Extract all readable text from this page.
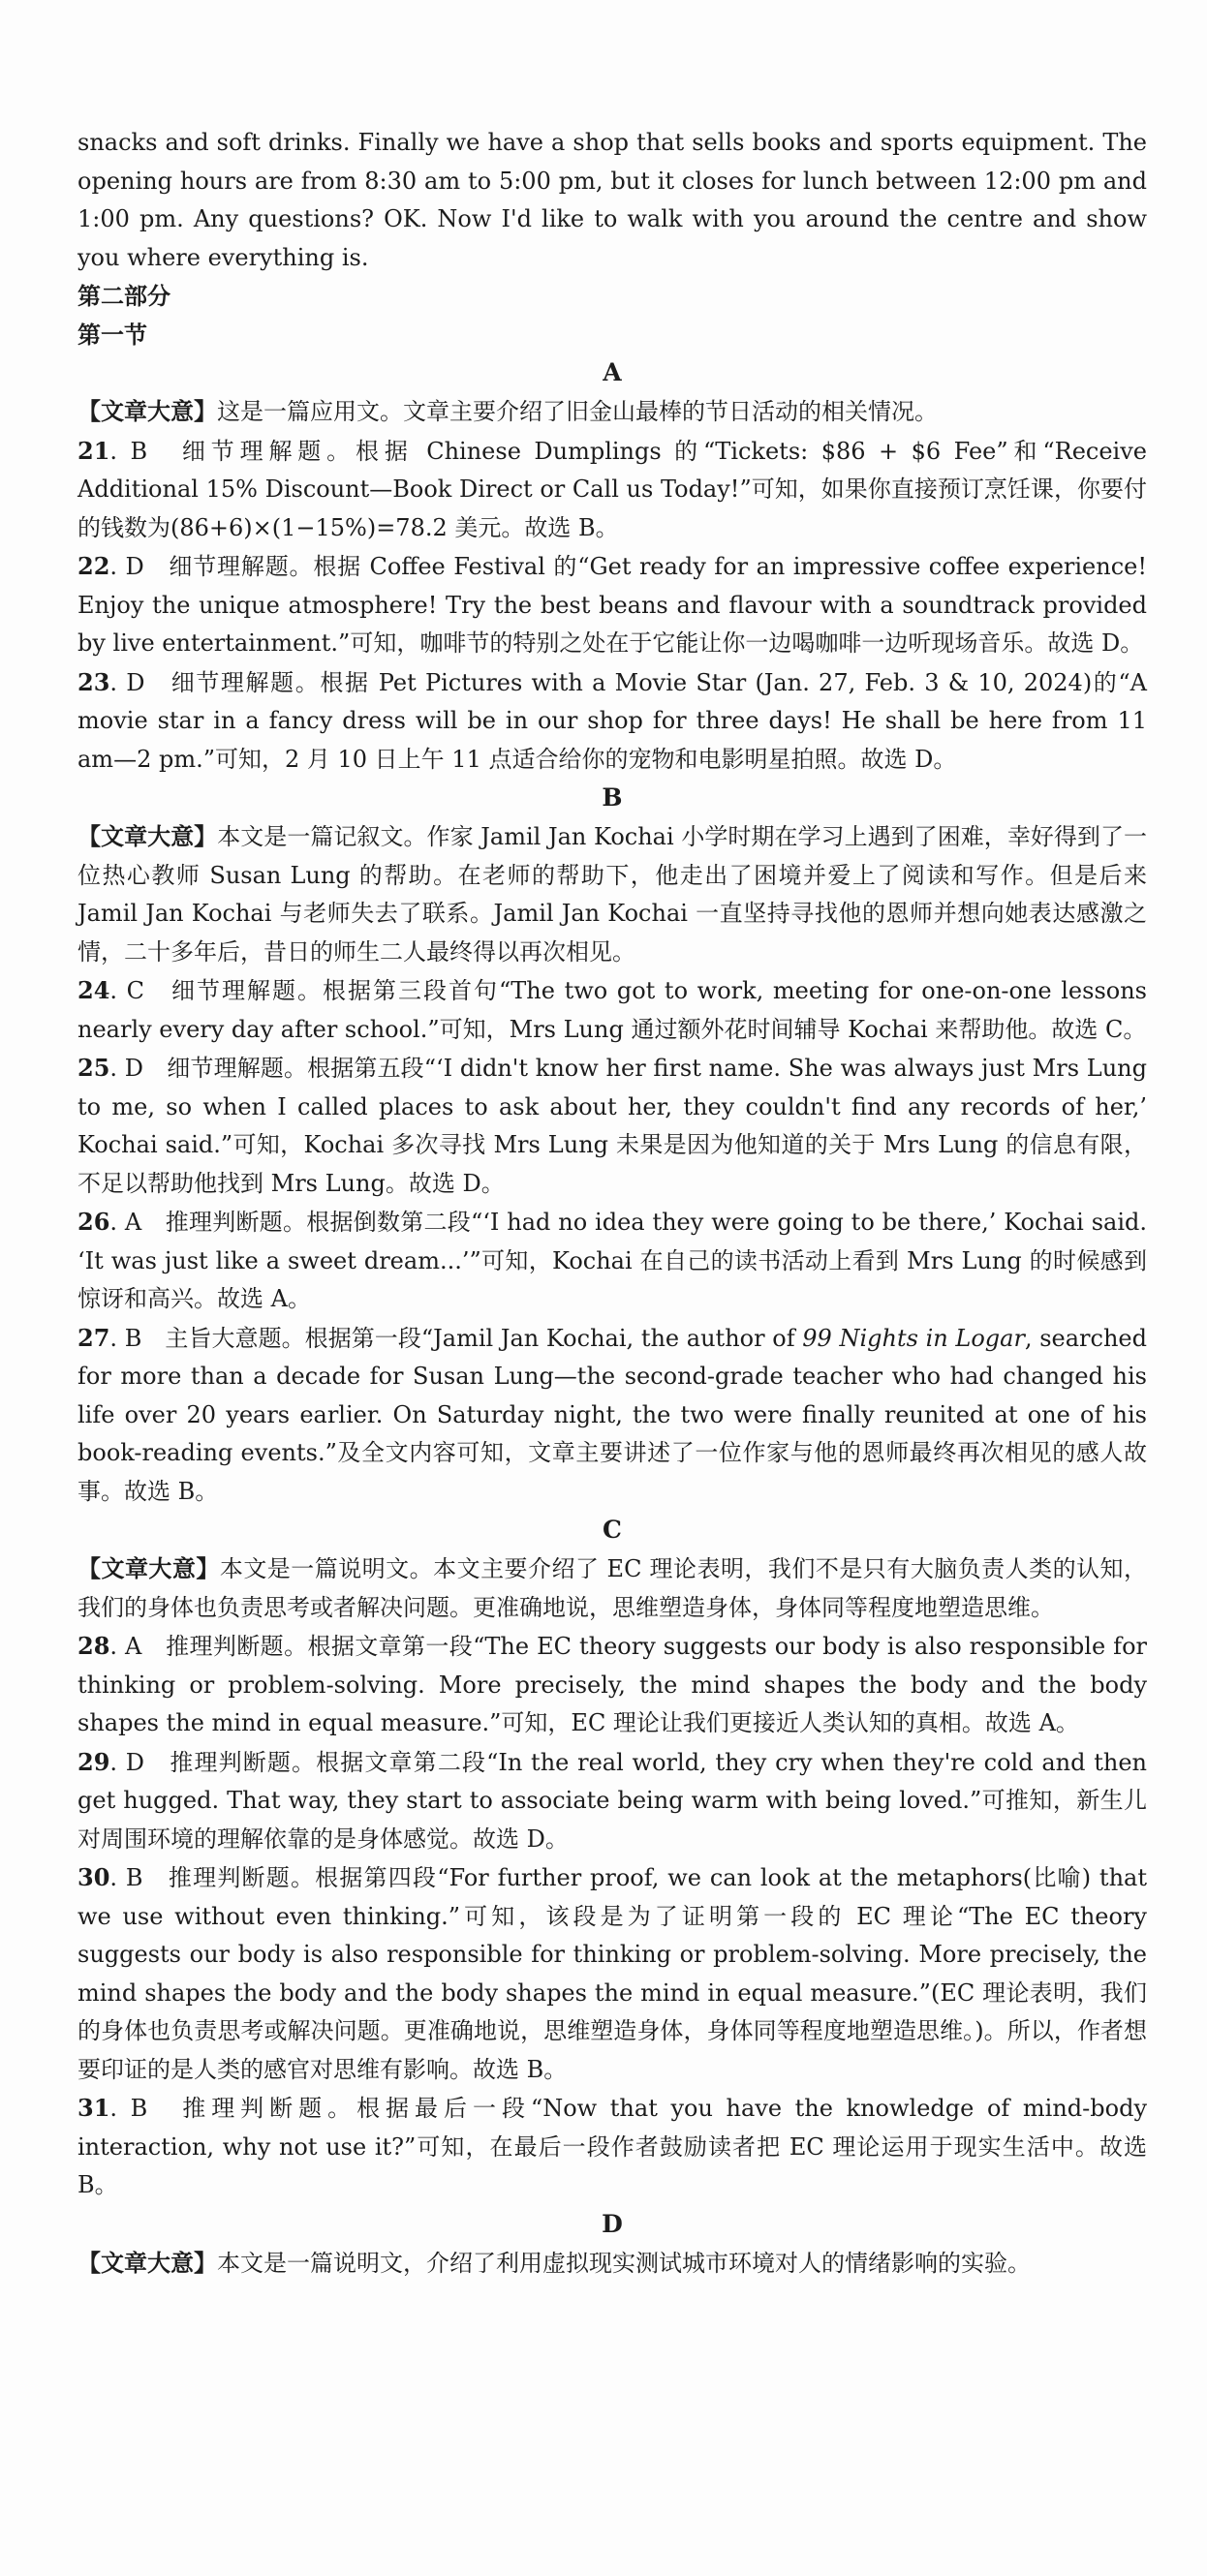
snacks and soft drinks. Finally we have a shop that sells books and sports equipment. The opening hours are from 8:30 am to 5:00 pm, but it closes for lunch between 12:00 pm and 1:00 pm. Any questions? OK. Now I'd like to walk with you around the centre and show you where everything is.

第二部分

第一节

A

【文章大意】这是一篇应用文。文章主要介绍了旧金山最棒的节日活动的相关情况。

21. B　细节理解题。根据 Chinese Dumplings 的“Tickets: $86 + $6 Fee”和“Receive Additional 15% Discount—Book Direct or Call us Today!”可知，如果你直接预订烹饪课，你要付的钱数为(86+6)×(1−15%)=78.2 美元。故选 B。

22. D　细节理解题。根据 Coffee Festival 的“Get ready for an impressive coffee experience! Enjoy the unique atmosphere! Try the best beans and flavour with a soundtrack provided by live entertainment.”可知，咖啡节的特别之处在于它能让你一边喝咖啡一边听现场音乐。故选 D。

23. D　细节理解题。根据 Pet Pictures with a Movie Star (Jan. 27, Feb. 3 & 10, 2024)的“A movie star in a fancy dress will be in our shop for three days! He shall be here from 11 am—2 pm.”可知，2 月 10 日上午 11 点适合给你的宠物和电影明星拍照。故选 D。

B

【文章大意】本文是一篇记叙文。作家 Jamil Jan Kochai 小学时期在学习上遇到了困难，幸好得到了一位热心教师 Susan Lung 的帮助。在老师的帮助下，他走出了困境并爱上了阅读和写作。但是后来 Jamil Jan Kochai 与老师失去了联系。Jamil Jan Kochai 一直坚持寻找他的恩师并想向她表达感激之情，二十多年后，昔日的师生二人最终得以再次相见。

24. C　细节理解题。根据第三段首句“The two got to work, meeting for one-on-one lessons nearly every day after school.”可知，Mrs Lung 通过额外花时间辅导 Kochai 来帮助他。故选 C。

25. D　细节理解题。根据第五段“‘I didn't know her first name. She was always just Mrs Lung to me, so when I called places to ask about her, they couldn't find any records of her,’ Kochai said.”可知，Kochai 多次寻找 Mrs Lung 未果是因为他知道的关于 Mrs Lung 的信息有限，不足以帮助他找到 Mrs Lung。故选 D。

26. A　推理判断题。根据倒数第二段“‘I had no idea they were going to be there,’ Kochai said. ‘It was just like a sweet dream...’”可知，Kochai 在自己的读书活动上看到 Mrs Lung 的时候感到惊讶和高兴。故选 A。

27. B　主旨大意题。根据第一段“Jamil Jan Kochai, the author of 99 Nights in Logar, searched for more than a decade for Susan Lung—the second-grade teacher who had changed his life over 20 years earlier. On Saturday night, the two were finally reunited at one of his book-reading events.”及全文内容可知，文章主要讲述了一位作家与他的恩师最终再次相见的感人故事。故选 B。

C

【文章大意】本文是一篇说明文。本文主要介绍了 EC 理论表明，我们不是只有大脑负责人类的认知，我们的身体也负责思考或者解决问题。更准确地说，思维塑造身体，身体同等程度地塑造思维。

28. A　推理判断题。根据文章第一段“The EC theory suggests our body is also responsible for thinking or problem-solving. More precisely, the mind shapes the body and the body shapes the mind in equal measure.”可知，EC 理论让我们更接近人类认知的真相。故选 A。

29. D　推理判断题。根据文章第二段“In the real world, they cry when they're cold and then get hugged. That way, they start to associate being warm with being loved.”可推知，新生儿对周围环境的理解依靠的是身体感觉。故选 D。

30. B　推理判断题。根据第四段“For further proof, we can look at the metaphors(比喻) that we use without even thinking.”可知，该段是为了证明第一段的 EC 理论“The EC theory suggests our body is also responsible for thinking or problem-solving. More precisely, the mind shapes the body and the body shapes the mind in equal measure.”(EC 理论表明，我们的身体也负责思考或解决问题。更准确地说，思维塑造身体，身体同等程度地塑造思维。)。所以，作者想要印证的是人类的感官对思维有影响。故选 B。

31. B　推理判断题。根据最后一段“Now that you have the knowledge of mind-body interaction, why not use it?”可知，在最后一段作者鼓励读者把 EC 理论运用于现实生活中。故选 B。

D

【文章大意】本文是一篇说明文，介绍了利用虚拟现实测试城市环境对人的情绪影响的实验。
